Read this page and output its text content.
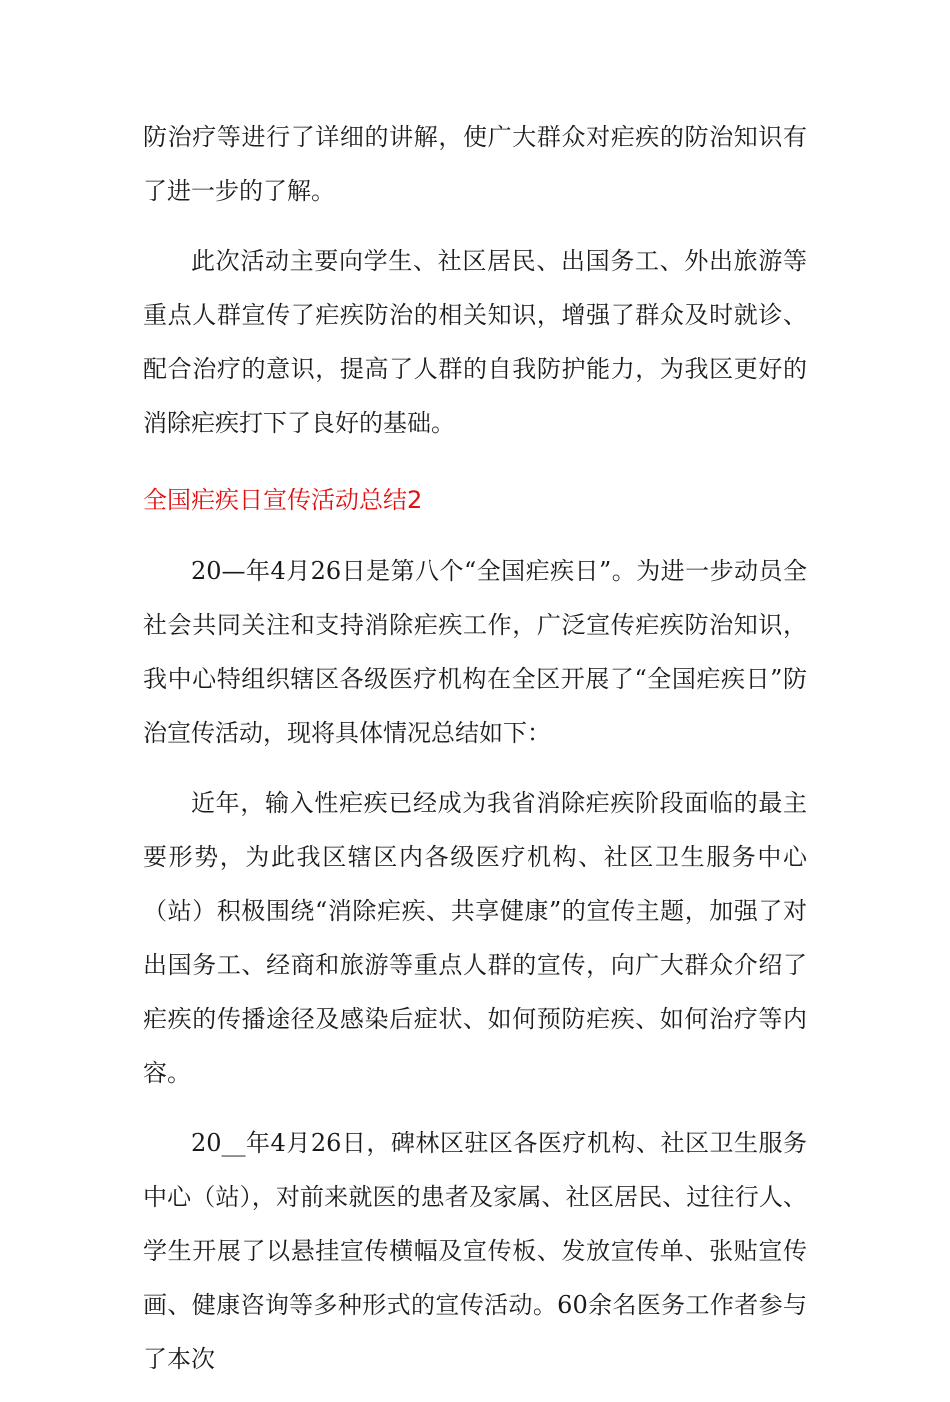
防治疗等进行了详细的讲解，使广大群众对疟疾的防治知识有了进一步的了解。

此次活动主要向学生、社区居民、出国务工、外出旅游等重点人群宣传了疟疾防治的相关知识，增强了群众及时就诊、配合治疗的意识，提高了人群的自我防护能力，为我区更好的消除疟疾打下了良好的基础。

全国疟疾日宣传活动总结2

20—年4月26日是第八个“全国疟疾日”。为进一步动员全社会共同关注和支持消除疟疾工作，广泛宣传疟疾防治知识，我中心特组织辖区各级医疗机构在全区开展了“全国疟疾日”防治宣传活动，现将具体情况总结如下：

近年，输入性疟疾已经成为我省消除疟疾阶段面临的最主要形势，为此我区辖区内各级医疗机构、社区卫生服务中心（站）积极围绕“消除疟疾、共享健康”的宣传主题，加强了对出国务工、经商和旅游等重点人群的宣传，向广大群众介绍了疟疾的传播途径及感染后症状、如何预防疟疾、如何治疗等内容。

20__年4月26日，碑林区驻区各医疗机构、社区卫生服务中心（站），对前来就医的患者及家属、社区居民、过往行人、学生开展了以悬挂宣传横幅及宣传板、发放宣传单、张贴宣传画、健康咨询等多种形式的宣传活动。60余名医务工作者参与了本次
